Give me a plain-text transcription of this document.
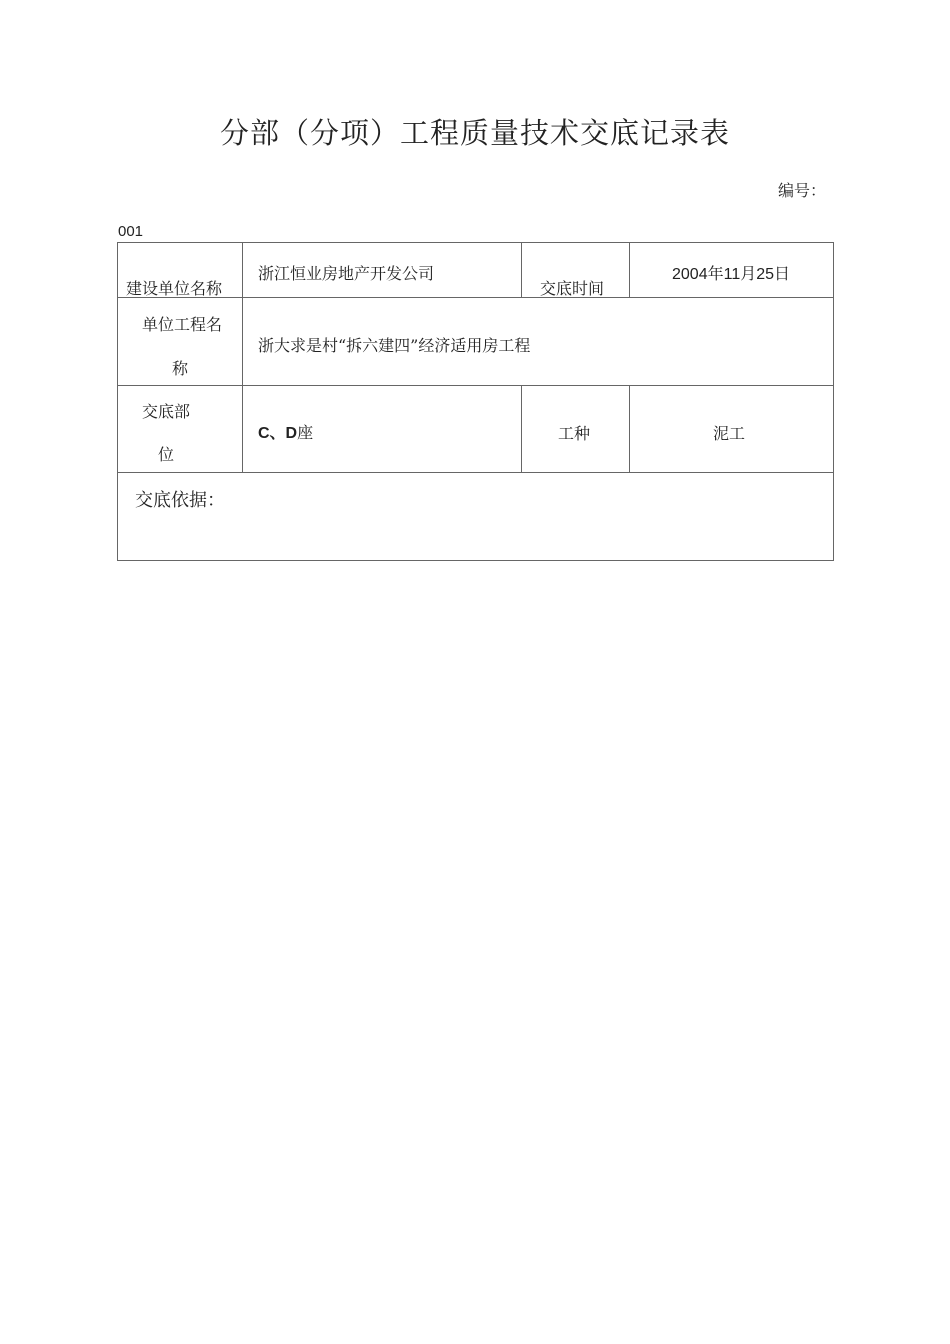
分部（分项）工程质量技术交底记录表
编号：
001
建设单位名称	浙江恒业房地产开发公司	交底时间	2004年11月25日

单位工程名
称	浙大求是村“拆六建四”经济适用房工程		

交底部
位	C、D座	工种	泥工

交底依据：			
